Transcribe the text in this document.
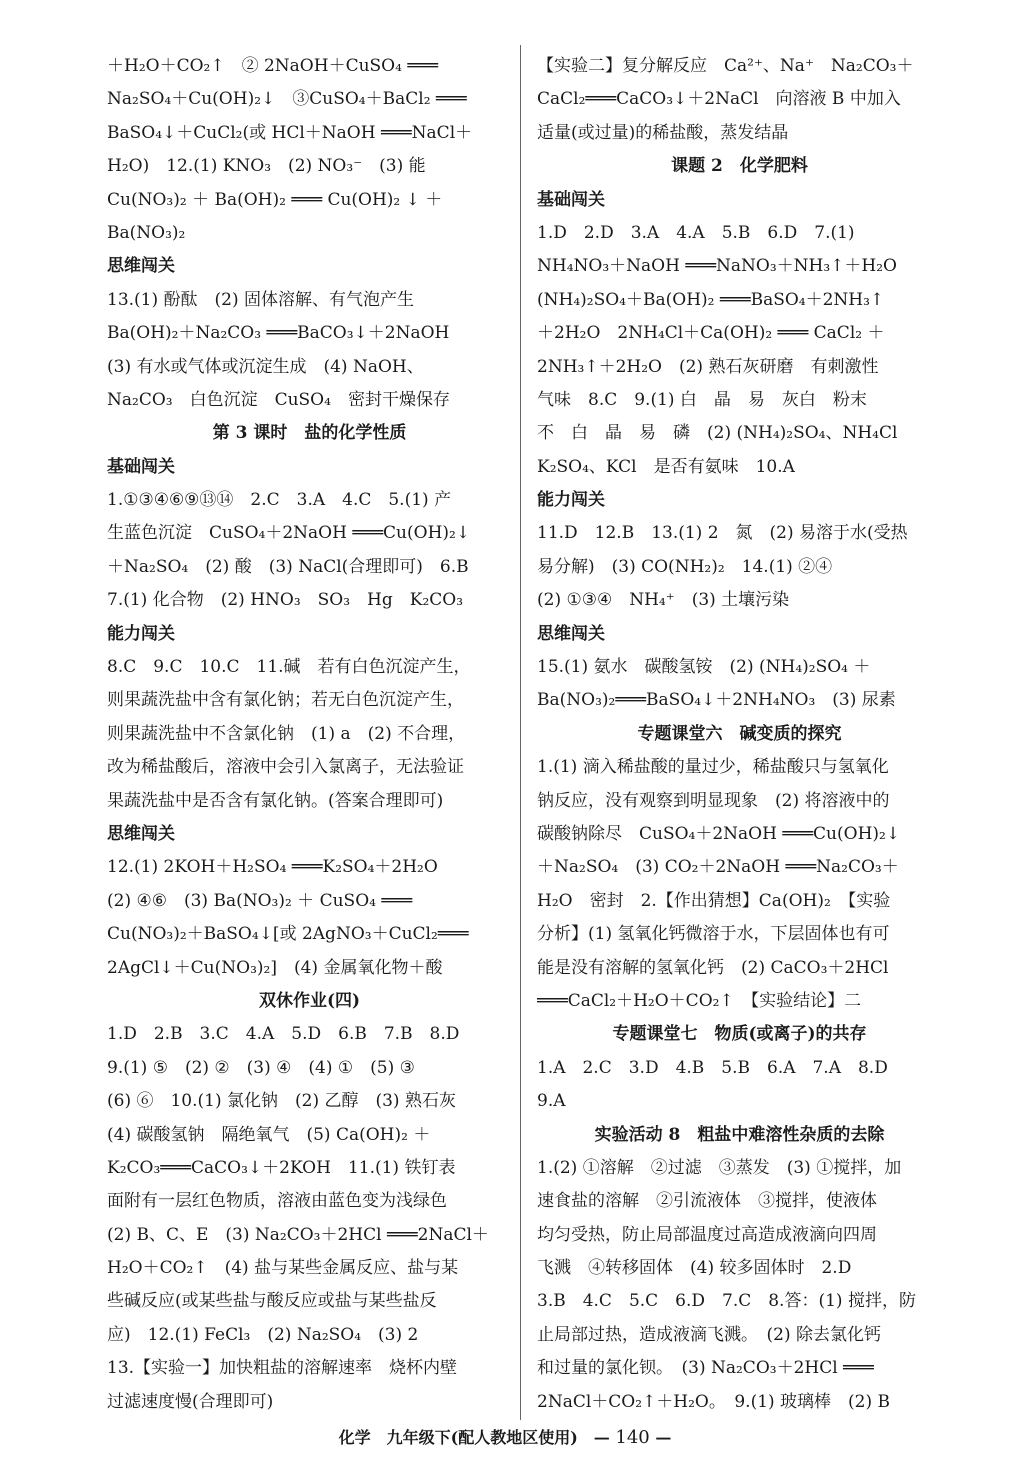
＋H₂O＋CO₂↑　② 2NaOH＋CuSO₄ ═══
Na₂SO₄＋Cu(OH)₂↓　③CuSO₄＋BaCl₂ ═══
BaSO₄↓＋CuCl₂(或 HCl＋NaOH ═══NaCl＋
H₂O)　12.(1) KNO₃　(2) NO₃⁻　(3) 能
Cu(NO₃)₂ ＋ Ba(OH)₂ ═══ Cu(OH)₂ ↓ ＋
Ba(NO₃)₂
思维闯关
13.(1) 酚酞　(2) 固体溶解、有气泡产生
Ba(OH)₂＋Na₂CO₃ ═══BaCO₃↓＋2NaOH
(3) 有水或气体或沉淀生成　(4) NaOH、
Na₂CO₃　白色沉淀　CuSO₄　密封干燥保存
第 3 课时　盐的化学性质
基础闯关
1.①③④⑥⑨⑬⑭　2.C　3.A　4.C　5.(1) 产
生蓝色沉淀　CuSO₄＋2NaOH ═══Cu(OH)₂↓
＋Na₂SO₄　(2) 酸　(3) NaCl(合理即可)　6.B
7.(1) 化合物　(2) HNO₃　SO₃　Hg　K₂CO₃
能力闯关
8.C　9.C　10.C　11.碱　若有白色沉淀产生，
则果蔬洗盐中含有氯化钠；若无白色沉淀产生，
则果蔬洗盐中不含氯化钠　(1) a　(2) 不合理，
改为稀盐酸后，溶液中会引入氯离子，无法验证
果蔬洗盐中是否含有氯化钠。(答案合理即可)
思维闯关
12.(1) 2KOH＋H₂SO₄ ═══K₂SO₄＋2H₂O
(2) ④⑥　(3) Ba(NO₃)₂ ＋ CuSO₄ ═══
Cu(NO₃)₂＋BaSO₄↓[或 2AgNO₃＋CuCl₂═══
2AgCl↓＋Cu(NO₃)₂]　(4) 金属氧化物＋酸
双休作业(四)
1.D　2.B　3.C　4.A　5.D　6.B　7.B　8.D
9.(1) ⑤　(2) ②　(3) ④　(4) ①　(5) ③
(6) ⑥　10.(1) 氯化钠　(2) 乙醇　(3) 熟石灰
(4) 碳酸氢钠　隔绝氧气　(5) Ca(OH)₂ ＋
K₂CO₃═══CaCO₃↓＋2KOH　11.(1) 铁钉表
面附有一层红色物质，溶液由蓝色变为浅绿色
(2) B、C、E　(3) Na₂CO₃＋2HCl ═══2NaCl＋
H₂O＋CO₂↑　(4) 盐与某些金属反应、盐与某
些碱反应(或某些盐与酸反应或盐与某些盐反
应)　12.(1) FeCl₃　(2) Na₂SO₄　(3) 2
13.【实验一】加快粗盐的溶解速率　烧杯内壁
过滤速度慢(合理即可)
【实验二】复分解反应　Ca²⁺、Na⁺　Na₂CO₃＋
CaCl₂═══CaCO₃↓＋2NaCl　向溶液 B 中加入
适量(或过量)的稀盐酸，蒸发结晶
课题 2　化学肥料
基础闯关
1.D　2.D　3.A　4.A　5.B　6.D　7.(1)
NH₄NO₃＋NaOH ═══NaNO₃＋NH₃↑＋H₂O
(NH₄)₂SO₄＋Ba(OH)₂ ═══BaSO₄＋2NH₃↑
＋2H₂O　2NH₄Cl＋Ca(OH)₂ ═══ CaCl₂ ＋
2NH₃↑＋2H₂O　(2) 熟石灰研磨　有刺激性
气味　8.C　9.(1) 白　晶　易　灰白　粉末
不　白　晶　易　磷　(2) (NH₄)₂SO₄、NH₄Cl
K₂SO₄、KCl　是否有氨味　10.A
能力闯关
11.D　12.B　13.(1) 2　氮　(2) 易溶于水(受热
易分解)　(3) CO(NH₂)₂　14.(1) ②④
(2) ①③④　NH₄⁺　(3) 土壤污染
思维闯关
15.(1) 氨水　碳酸氢铵　(2) (NH₄)₂SO₄ ＋
Ba(NO₃)₂═══BaSO₄↓＋2NH₄NO₃　(3) 尿素
专题课堂六　碱变质的探究
1.(1) 滴入稀盐酸的量过少，稀盐酸只与氢氧化
钠反应，没有观察到明显现象　(2) 将溶液中的
碳酸钠除尽　CuSO₄＋2NaOH ═══Cu(OH)₂↓
＋Na₂SO₄　(3) CO₂＋2NaOH ═══Na₂CO₃＋
H₂O　密封　2.【作出猜想】Ca(OH)₂　【实验
分析】(1) 氢氧化钙微溶于水，下层固体也有可
能是没有溶解的氢氧化钙　(2) CaCO₃＋2HCl
═══CaCl₂＋H₂O＋CO₂↑　【实验结论】二
专题课堂七　物质(或离子)的共存
1.A　2.C　3.D　4.B　5.B　6.A　7.A　8.D
9.A
实验活动 8　粗盐中难溶性杂质的去除
1.(2) ①溶解　②过滤　③蒸发　(3) ①搅拌，加
速食盐的溶解　②引流液体　③搅拌，使液体
均匀受热，防止局部温度过高造成液滴向四周
飞溅　④转移固体　(4) 较多固体时　2.D
3.B　4.C　5.C　6.D　7.C　8.答：(1) 搅拌，防
止局部过热，造成液滴飞溅。　(2) 除去氯化钙
和过量的氯化钡。　(3) Na₂CO₃＋2HCl ═══
2NaCl＋CO₂↑＋H₂O。　9.(1) 玻璃棒　(2) B
化学　九年级下(配人教地区使用)　— 140 —
